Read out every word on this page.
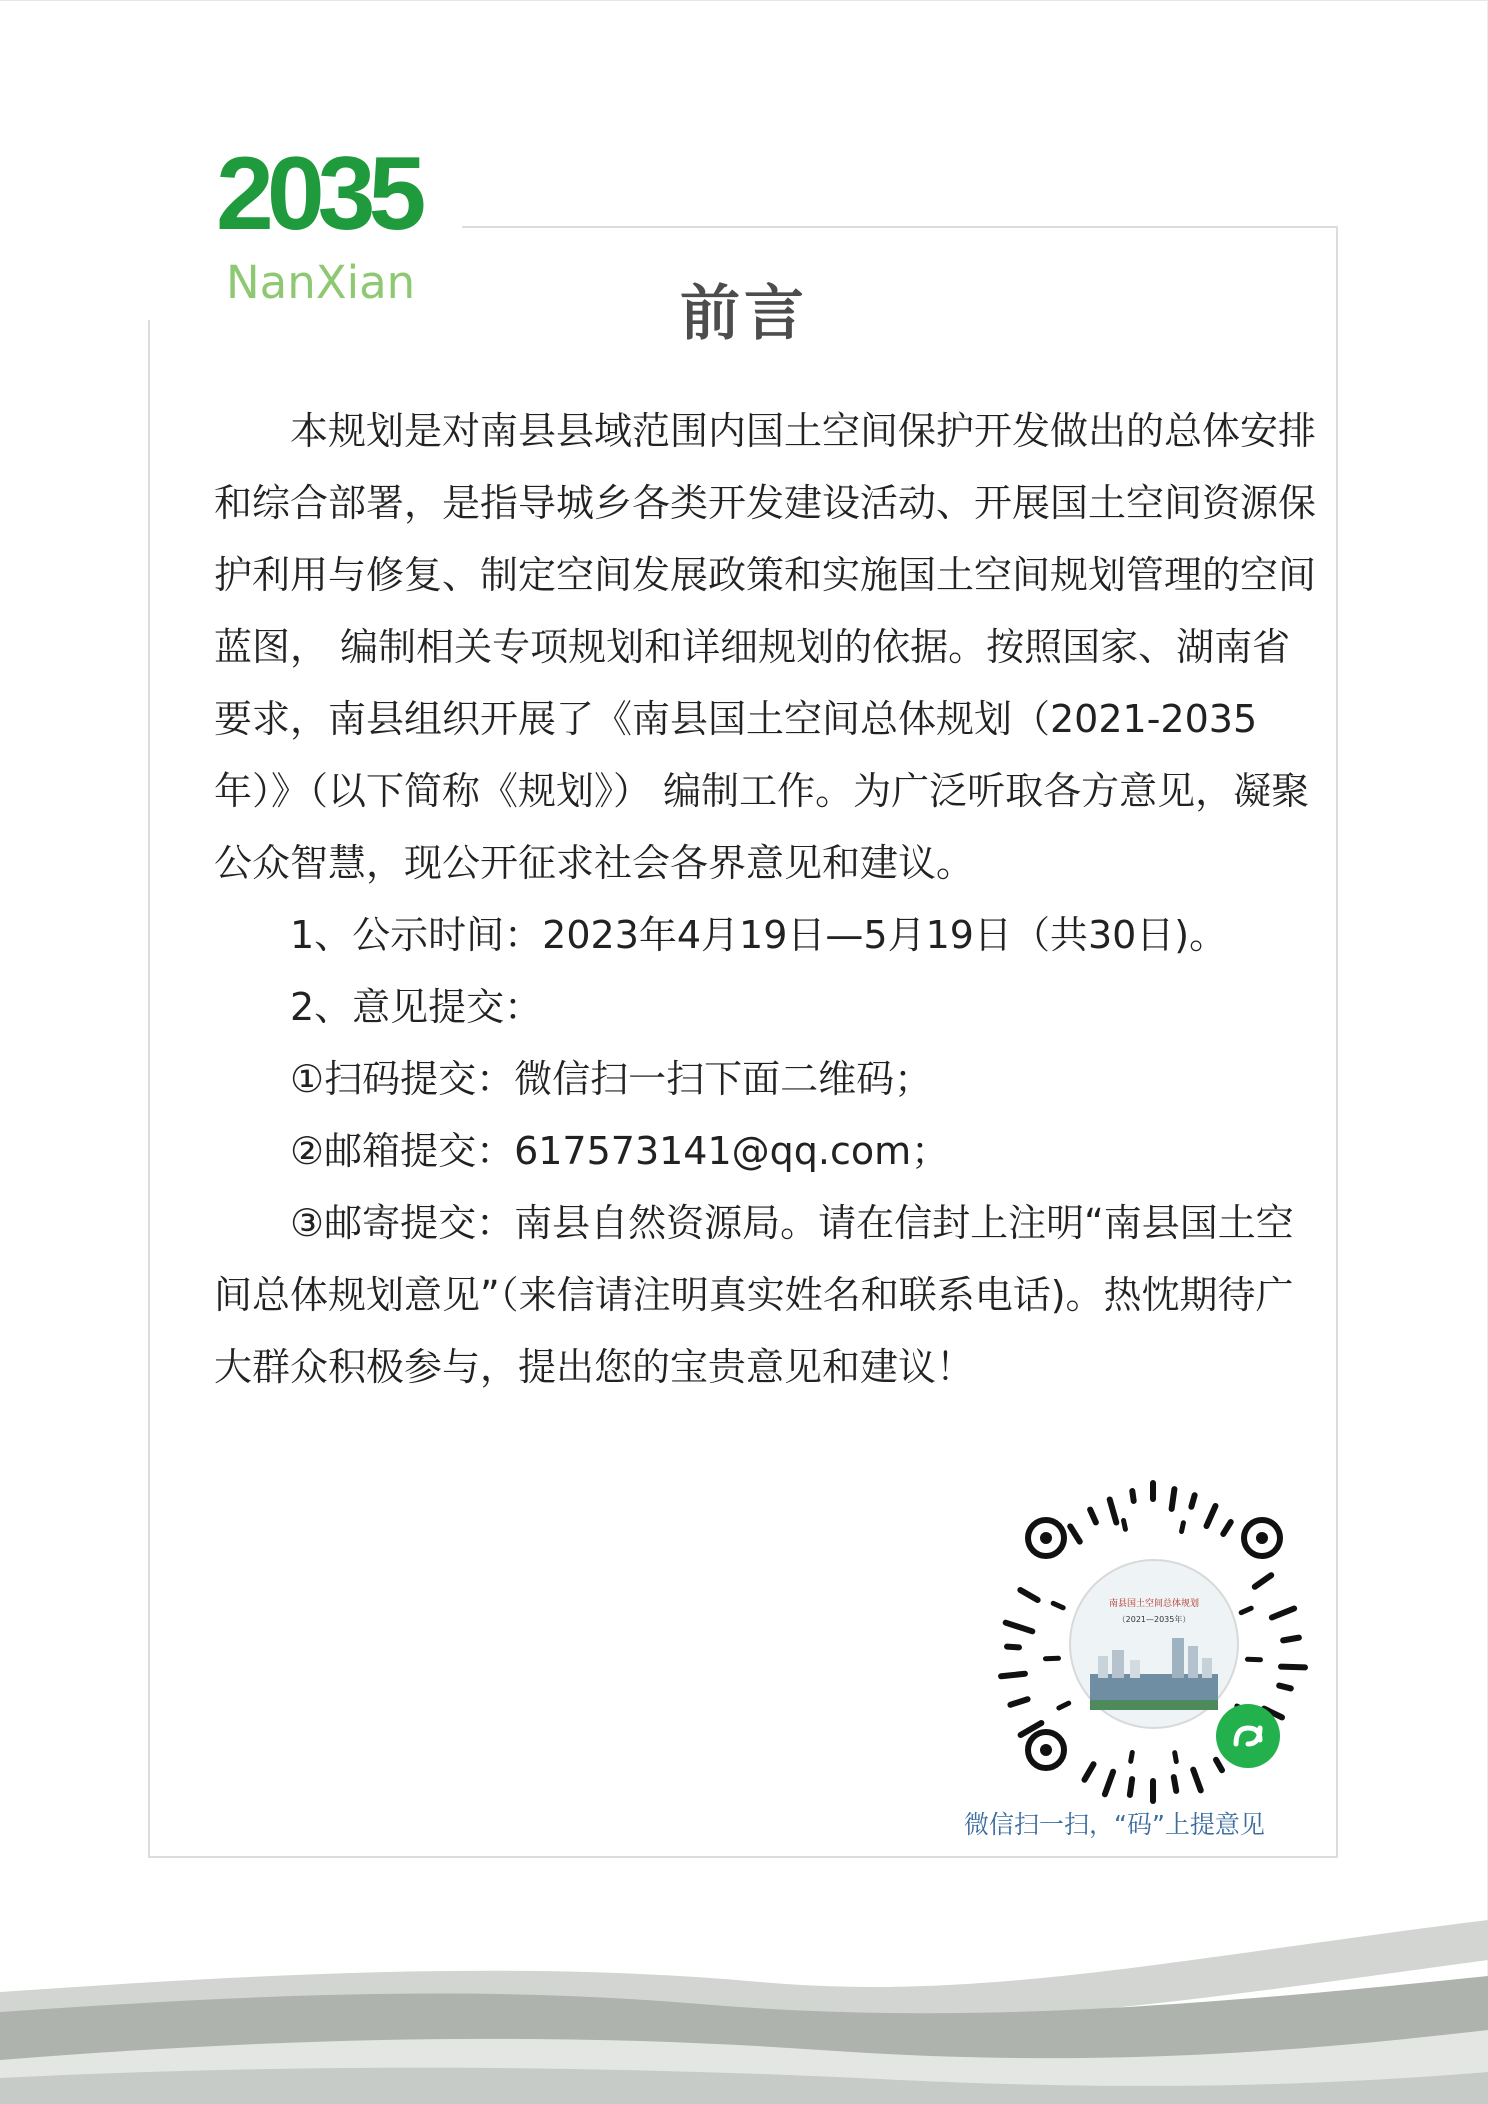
2035
NanXian	前言

本规划是对南县县域范围内国土空间保护开发做出的总体安排和综合部署，是指导城乡各类开发建设活动、开展国土空间资源保护利用与修复、制定空间发展政策和实施国土空间规划管理的空间蓝图， 编制相关专项规划和详细规划的依据。按照国家、湖南省要求，南县组织开展了《南县国土空间总体规划（2021-2035年）》（以下简称《规划》） 编制工作。为广泛听取各方意见，凝聚公众智慧，现公开征求社会各界意见和建议。

1、公示时间：2023年4月19日—5月19日（共30日)。

2、意见提交：

①扫码提交：微信扫一扫下面二维码；

②邮箱提交：617573141@qq.com；

③邮寄提交：南县自然资源局。请在信封上注明“南县国土空间总体规划意见”（来信请注明真实姓名和联系电话)。热忱期待广大群众积极参与，提出您的宝贵意见和建议！

南县国土空间总体规划
（2021—2035年）
微信扫一扫，“码”上提意见
